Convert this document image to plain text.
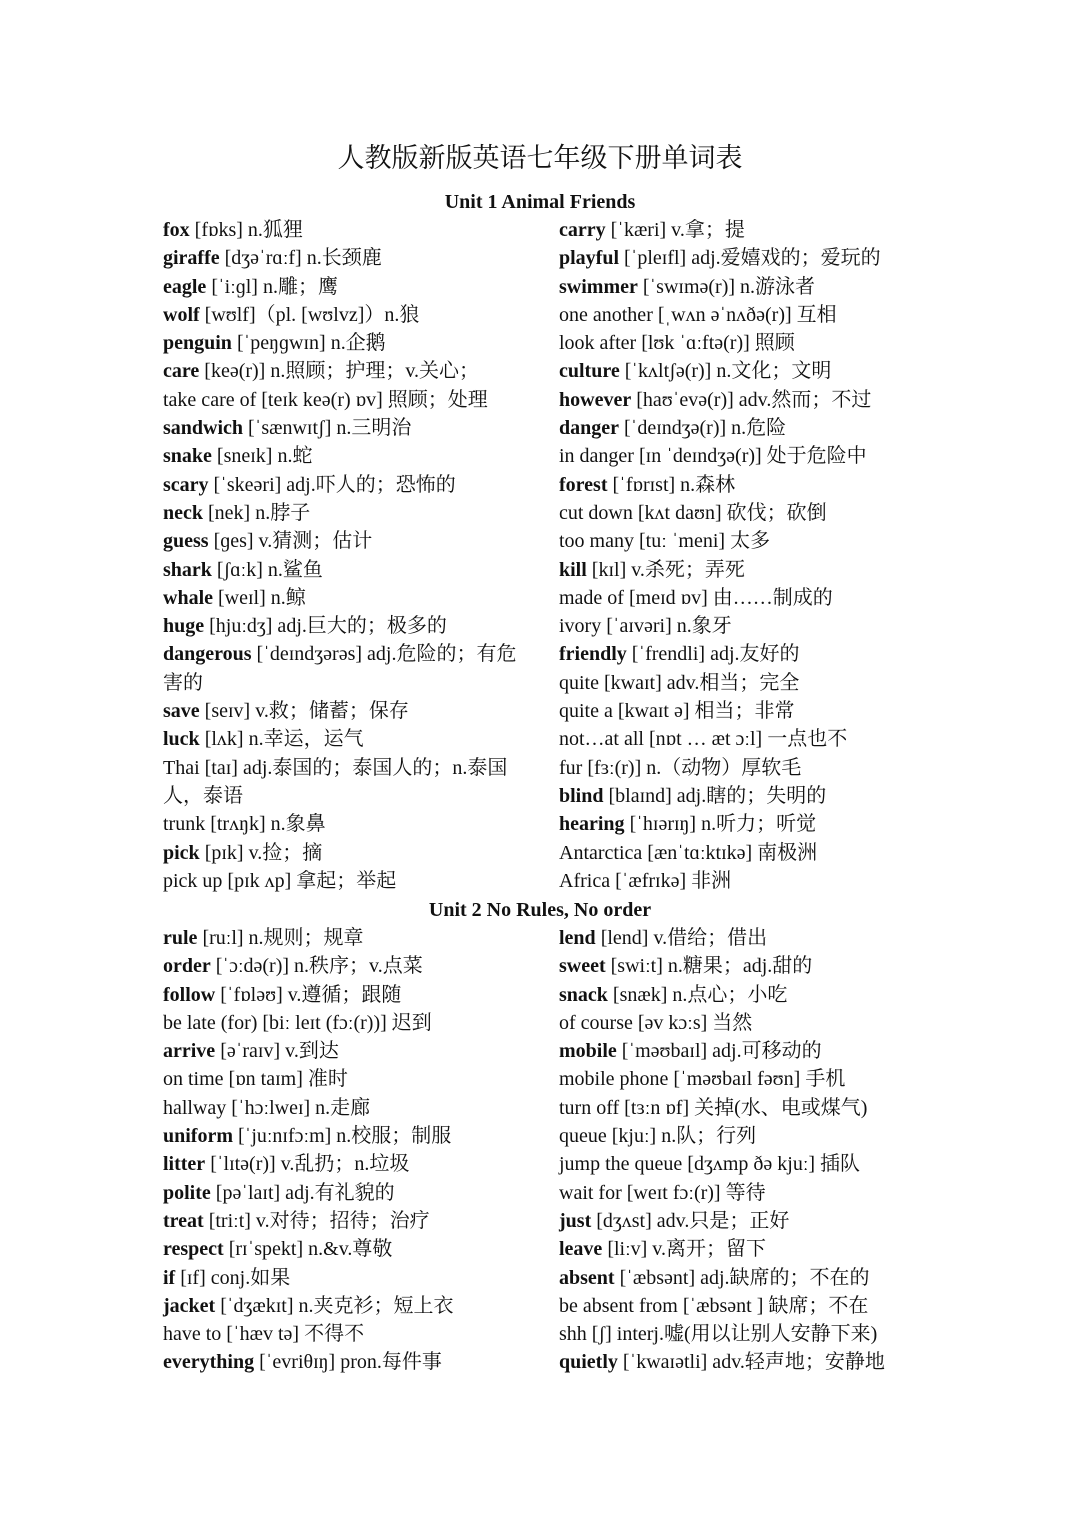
人教版新版英语七年级下册单词表
Unit 1 Animal Friends
fox [fɒks] n.狐狸
giraffe [dʒəˈrɑːf] n.长颈鹿
eagle [ˈiːɡl] n.雕；鹰
wolf [wʊlf]（pl. [wʊlvz]）n.狼
penguin [ˈpeŋɡwɪn] n.企鹅
care [keə(r)] n.照顾；护理；v.关心；
take care of [teɪk keə(r) ɒv] 照顾；处理
sandwich [ˈsænwɪtʃ] n.三明治
snake [sneɪk] n.蛇
scary [ˈskeəri] adj.吓人的；恐怖的
neck [nek] n.脖子
guess [ɡes] v.猜测；估计
shark [ʃɑːk] n.鲨鱼
whale [weɪl] n.鲸
huge [hjuːdʒ] adj.巨大的；极多的
dangerous [ˈdeɪndʒərəs] adj.危险的；有危害的
save [seɪv] v.救；储蓄；保存
luck [lʌk] n.幸运，运气
Thai [taɪ] adj.泰国的；泰国人的；n.泰国人，泰语
trunk [trʌŋk] n.象鼻
pick [pɪk] v.捡；摘
pick up [pɪk ʌp] 拿起；举起
carry [ˈkæri] v.拿；提
playful [ˈpleɪfl] adj.爱嬉戏的；爱玩的
swimmer [ˈswɪmə(r)] n.游泳者
one another [ˌwʌn əˈnʌðə(r)] 互相
look after [lʊk ˈɑːftə(r)] 照顾
culture [ˈkʌltʃə(r)] n.文化；文明
however [haʊˈevə(r)] adv.然而；不过
danger [ˈdeɪndʒə(r)] n.危险
in danger [ɪn ˈdeɪndʒə(r)] 处于危险中
forest [ˈfɒrɪst] n.森林
cut down [kʌt daʊn] 砍伐；砍倒
too many [tuː ˈmeni] 太多
kill [kɪl] v.杀死；弄死
made of [meɪd ɒv] 由……制成的
ivory [ˈaɪvəri] n.象牙
friendly [ˈfrendli] adj.友好的
quite [kwaɪt] adv.相当；完全
quite a [kwaɪt ə] 相当；非常
not…at all [nɒt … æt ɔːl] 一点也不
fur [fɜː(r)] n.（动物）厚软毛
blind [blaɪnd] adj.瞎的；失明的
hearing [ˈhɪərɪŋ] n.听力；听觉
Antarctica [ænˈtɑːktɪkə] 南极洲
Africa [ˈæfrɪkə] 非洲
Unit 2 No Rules, No order
rule [ruːl] n.规则；规章
order [ˈɔːdə(r)] n.秩序；v.点菜
follow [ˈfɒləʊ] v.遵循；跟随
be late (for) [biː leɪt (fɔː(r))] 迟到
arrive [əˈraɪv] v.到达
on time [ɒn taɪm] 准时
hallway [ˈhɔːlweɪ] n.走廊
uniform [ˈjuːnɪfɔːm] n.校服；制服
litter [ˈlɪtə(r)] v.乱扔；n.垃圾
polite [pəˈlaɪt] adj.有礼貌的
treat [triːt] v.对待；招待；治疗
respect [rɪˈspekt] n.&v.尊敬
if [ɪf] conj.如果
jacket [ˈdʒækɪt] n.夹克衫；短上衣
have to [ˈhæv tə] 不得不
everything [ˈevriθɪŋ] pron.每件事
lend [lend] v.借给；借出
sweet [swiːt] n.糖果；adj.甜的
snack [snæk] n.点心；小吃
of course [əv kɔːs] 当然
mobile [ˈməʊbaɪl] adj.可移动的
mobile phone [ˈməʊbaɪl fəʊn] 手机
turn off [tɜːn ɒf] 关掉(水、电或煤气)
queue [kjuː] n.队；行列
jump the queue [dʒʌmp ðə kjuː] 插队
wait for [weɪt fɔː(r)] 等待
just [dʒʌst] adv.只是；正好
leave [liːv] v.离开；留下
absent [ˈæbsənt] adj.缺席的；不在的
be absent from [ˈæbsənt ] 缺席；不在
shh [ʃ] interj.嘘(用以让别人安静下来)
quietly [ˈkwaɪətli] adv.轻声地；安静地
